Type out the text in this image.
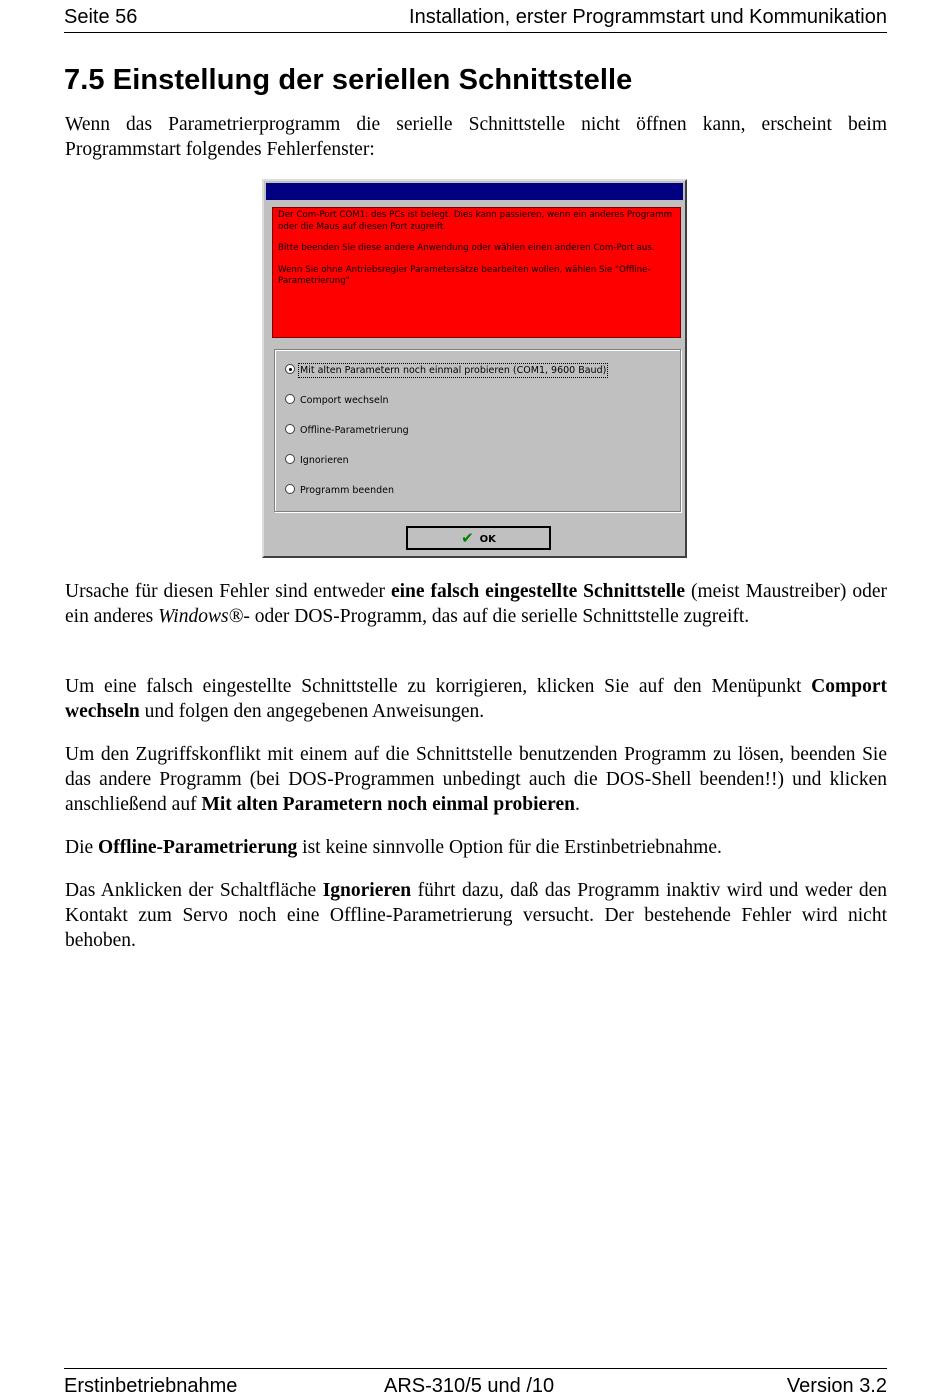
Seite 56	Installation, erster Programmstart und Kommunikation
7.5 Einstellung der seriellen Schnittstelle

Wenn das Parametrierprogramm die serielle Schnittstelle nicht öffnen kann, erscheint beim Programmstart folgendes Fehlerfenster:

Der Com-Port COM1: des PCs ist belegt. Dies kann passieren, wenn ein anderes Programm oder die Maus auf diesen Port zugreift.

Bitte beenden Sie diese andere Anwendung oder wählen einen anderen Com-Port aus.

Wenn Sie ohne Antriebsregler Parametersätze bearbeiten wollen, wählen Sie "Offline-Parametrierung"

Mit alten Parametern noch einmal probieren (COM1, 9600 Baud)
Comport wechseln
Offline-Parametrierung
Ignorieren
Programm beenden
✔ OK

Ursache für diesen Fehler sind entweder eine falsch eingestellte Schnittstelle (meist Maustreiber) oder ein anderes Windows®- oder DOS-Programm, das auf die serielle Schnittstelle zugreift.

Um eine falsch eingestellte Schnittstelle zu korrigieren, klicken Sie auf den Menüpunkt Comport wechseln und folgen den angegebenen Anweisungen.

Um den Zugriffskonflikt mit einem auf die Schnittstelle benutzenden Programm zu lösen, beenden Sie das andere Programm (bei DOS-Programmen unbedingt auch die DOS-Shell beenden!!) und klicken anschließend auf Mit alten Parametern noch einmal probieren.

Die Offline-Parametrierung ist keine sinnvolle Option für die Erstinbetriebnahme.

Das Anklicken der Schaltfläche Ignorieren führt dazu, daß das Programm inaktiv wird und weder den Kontakt zum Servo noch eine Offline-Parametrierung versucht. Der bestehende Fehler wird nicht behoben.

Erstinbetriebnahme	ARS-310/5 und /10	Version 3.2
